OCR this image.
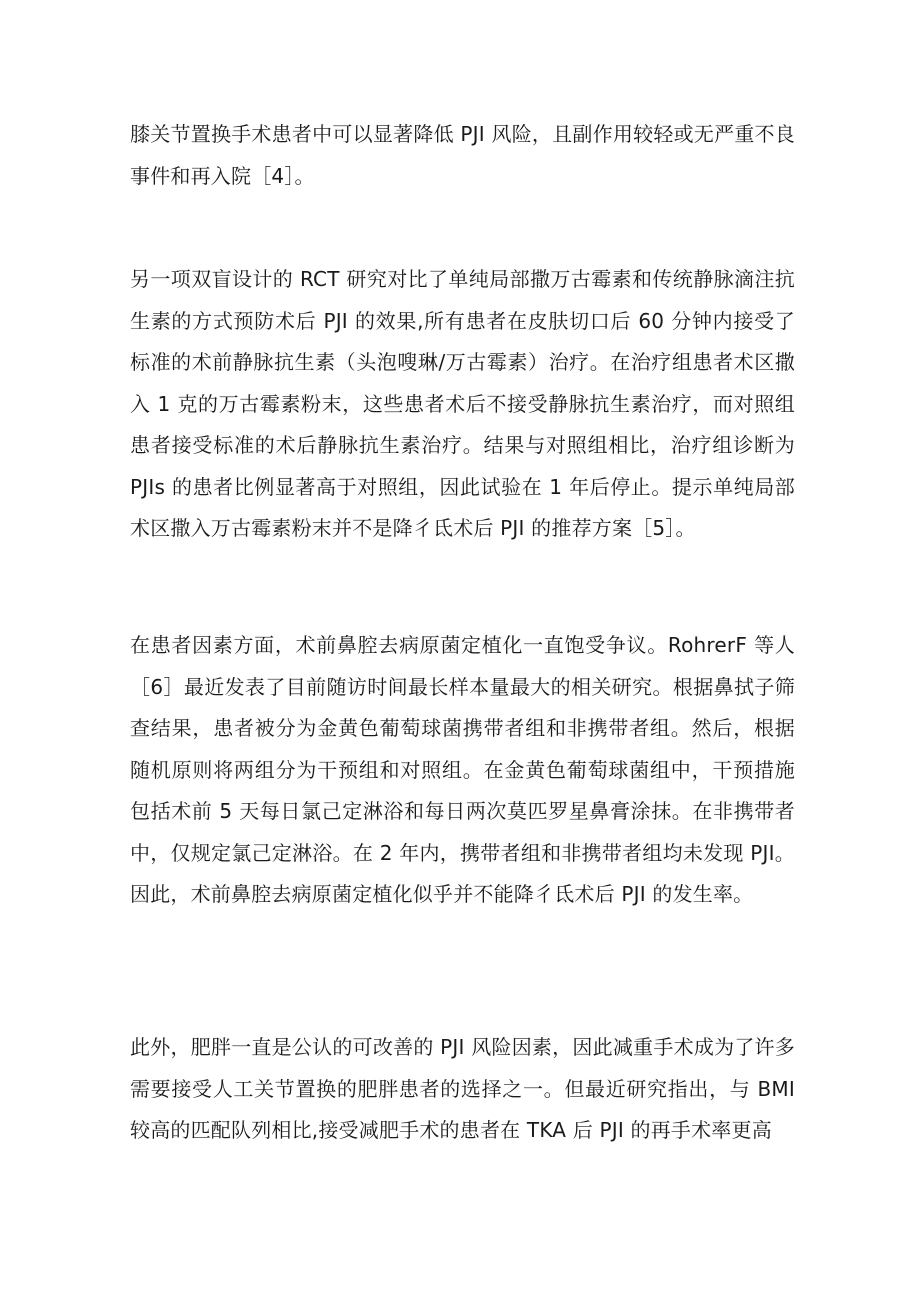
膝关节置换手术患者中可以显著降低 PJI 风险，且副作用较轻或无严重不良事件和再入院［4］。

另一项双盲设计的 RCT 研究对比了单纯局部撒万古霉素和传统静脉滴注抗生素的方式预防术后 PJI 的效果,所有患者在皮肤切口后 60 分钟内接受了标准的术前静脉抗生素（头泡嗖琳/万古霉素）治疗。在治疗组患者术区撒入 1 克的万古霉素粉末，这些患者术后不接受静脉抗生素治疗，而对照组患者接受标准的术后静脉抗生素治疗。结果与对照组相比，治疗组诊断为 PJIs 的患者比例显著高于对照组，因此试验在 1 年后停止。提示单纯局部术区撒入万古霉素粉末并不是降彳氐术后 PJI 的推荐方案［5］。

在患者因素方面，术前鼻腔去病原菌定植化一直饱受争议。RohrerF 等人［6］最近发表了目前随访时间最长样本量最大的相关研究。根据鼻拭子筛查结果，患者被分为金黄色葡萄球菌携带者组和非携带者组。然后，根据随机原则将两组分为干预组和对照组。在金黄色葡萄球菌组中，干预措施包括术前 5 天每日氯己定淋浴和每日两次莫匹罗星鼻膏涂抹。在非携带者中，仅规定氯己定淋浴。在 2 年内，携带者组和非携带者组均未发现 PJI。因此，术前鼻腔去病原菌定植化似乎并不能降彳氐术后 PJI 的发生率。

此外，肥胖一直是公认的可改善的 PJI 风险因素，因此减重手术成为了许多需要接受人工关节置换的肥胖患者的选择之一。但最近研究指出，与 BMI 较高的匹配队列相比,接受减肥手术的患者在 TKA 后 PJI 的再手术率更高
